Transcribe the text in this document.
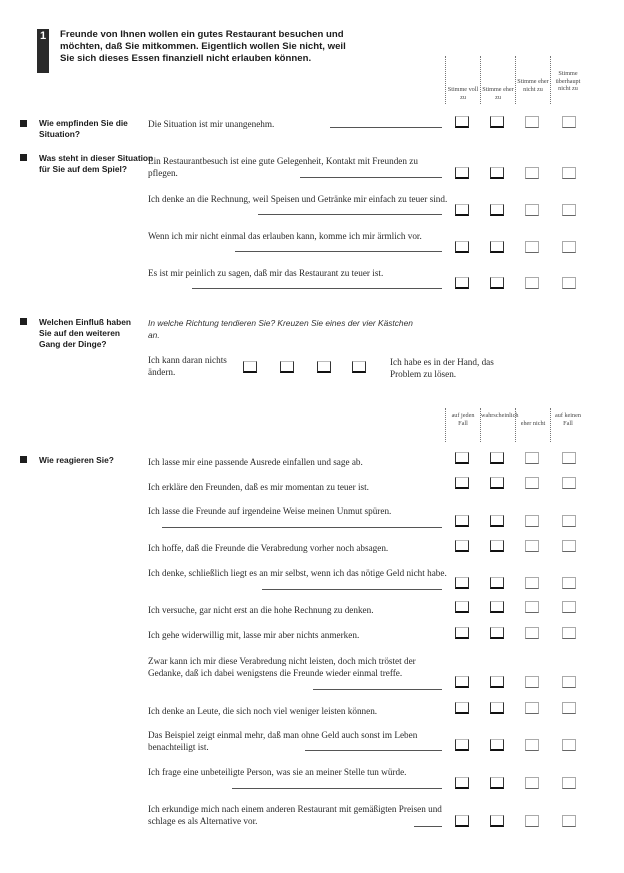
1	Freunde von Ihnen wollen ein gutes Restaurant besuchen und möchten, daß Sie mitkommen. Eigentlich wollen Sie nicht, weil Sie sich dieses Essen finanziell nicht erlauben können.
Stimme voll zu
Stimme eher zu
Stimme eher nicht zu
Stimme überhaupt nicht zu
Wie empfinden Sie die Situation?
Die Situation ist mir unangenehm.
Was steht in dieser Situation für Sie auf dem Spiel?
Ein Restaurantbesuch ist eine gute Gelegenheit, Kontakt mit Freunden zu pflegen.
Ich denke an die Rechnung, weil Speisen und Getränke mir einfach zu teuer sind.
Wenn ich mir nicht einmal das erlauben kann, komme ich mir ärmlich vor.
Es ist mir peinlich zu sagen, daß mir das Restaurant zu teuer ist.
Welchen Einfluß haben Sie auf den weiteren Gang der Dinge?
In welche Richtung tendieren Sie? Kreuzen Sie eines der vier Kästchen an.
Ich kann daran nichts ändern.
Ich habe es in der Hand, das Problem zu lösen.
auf jeden Fall
wahrscheinlich
eher nicht
auf keinen Fall
Wie reagieren Sie?	Ich lasse mir eine passende Ausrede einfallen und sage ab.
Ich erkläre den Freunden, daß es mir momentan zu teuer ist.
Ich lasse die Freunde auf irgendeine Weise meinen Unmut spüren.
Ich hoffe, daß die Freunde die Verabredung vorher noch absagen.
Ich denke, schließlich liegt es an mir selbst, wenn ich das nötige Geld nicht habe.
Ich versuche, gar nicht erst an die hohe Rechnung zu denken.
Ich gehe widerwillig mit, lasse mir aber nichts anmerken.
Zwar kann ich mir diese Verabredung nicht leisten, doch mich tröstet der Gedanke, daß ich dabei wenigstens die Freunde wieder einmal treffe.
Ich denke an Leute, die sich noch viel weniger leisten können.
Das Beispiel zeigt einmal mehr, daß man ohne Geld auch sonst im Leben benachteiligt ist.
Ich frage eine unbeteiligte Person, was sie an meiner Stelle tun würde.
Ich erkundige mich nach einem anderen Restaurant mit gemäßigten Preisen und schlage es als Alternative vor.
